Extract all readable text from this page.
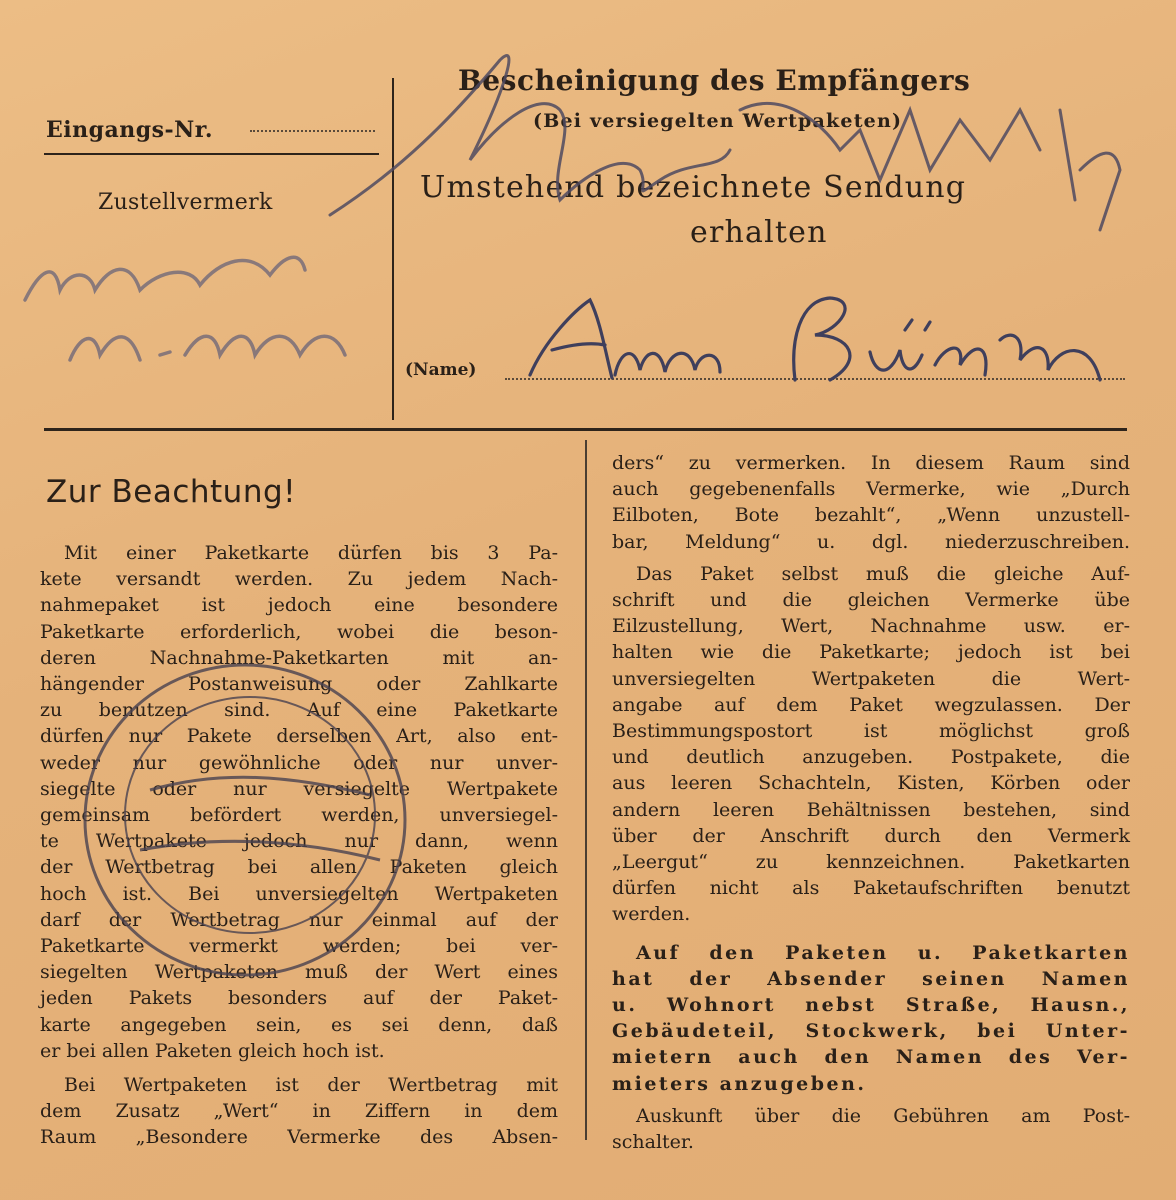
Eingangs-Nr.
Zustellvermerk
Bescheinigung des Empfängers
(Bei versiegelten Wertpaketen)
Umstehend bezeichnete Sendung
erhalten
(Name)
Zur Beachtung!

Mit einer Paketkarte dürfen bis 3 Pa-
kete versandt werden. Zu jedem Nach-
nahmepaket ist jedoch eine besondere
Paketkarte erforderlich, wobei die beson-
deren Nachnahme-Paketkarten mit an-
hängender Postanweisung oder Zahlkarte
zu benutzen sind. Auf eine Paketkarte
dürfen nur Pakete derselben Art, also ent-
weder nur gewöhnliche oder nur unver-
siegelte oder nur versiegelte Wertpakete
gemeinsam befördert werden, unversiegel-
te Wertpakete jedoch nur dann, wenn
der Wertbetrag bei allen Paketen gleich
hoch ist. Bei unversiegelten Wertpaketen
darf der Wertbetrag nur einmal auf der
Paketkarte vermerkt werden; bei ver-
siegelten Wertpaketen muß der Wert eines
jeden Pakets besonders auf der Paket-
karte angegeben sein, es sei denn, daß
er bei allen Paketen gleich hoch ist.

Bei Wertpaketen ist der Wertbetrag mit
dem Zusatz „Wert“ in Ziffern in dem
Raum „Besondere Vermerke des Absen-

ders“ zu vermerken. In diesem Raum sind
auch gegebenenfalls Vermerke, wie „Durch
Eilboten, Bote bezahlt“, „Wenn unzustell-
bar, Meldung“ u. dgl. niederzuschreiben.

Das Paket selbst muß die gleiche Auf-
schrift und die gleichen Vermerke übe
Eilzustellung, Wert, Nachnahme usw. er-
halten wie die Paketkarte; jedoch ist bei
unversiegelten Wertpaketen die Wert-
angabe auf dem Paket wegzulassen. Der
Bestimmungspostort ist möglichst groß
und deutlich anzugeben. Postpakete, die
aus leeren Schachteln, Kisten, Körben oder
andern leeren Behältnissen bestehen, sind
über der Anschrift durch den Vermerk
„Leergut“ zu kennzeichnen. Paketkarten
dürfen nicht als Paketaufschriften benutzt
werden.

Auf den Paketen u. Paketkarten
hat der Absender seinen Namen
u. Wohnort nebst Straße, Hausn.,
Gebäudeteil, Stockwerk, bei Unter-
mietern auch den Namen des Ver-
mieters anzugeben.

Auskunft über die Gebühren am Post-
schalter.
